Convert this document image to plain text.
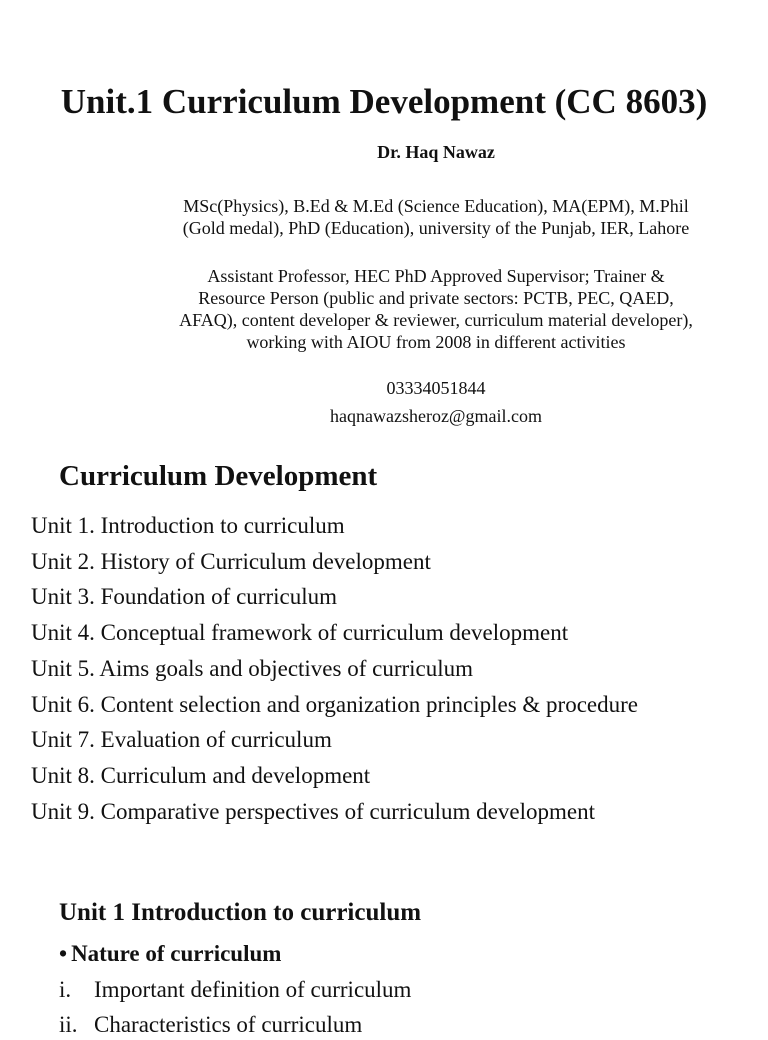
Unit.1 Curriculum Development (CC 8603)
Dr. Haq Nawaz
MSc(Physics), B.Ed & M.Ed (Science Education), MA(EPM), M.Phil (Gold medal), PhD (Education), university of the Punjab, IER, Lahore
Assistant Professor, HEC PhD Approved Supervisor; Trainer & Resource Person (public and private sectors: PCTB, PEC, QAED, AFAQ), content developer & reviewer, curriculum material developer), working with AIOU from 2008 in different activities
03334051844
haqnawazsheroz@gmail.com
Curriculum Development
Unit 1. Introduction to curriculum
Unit 2. History of Curriculum development
Unit 3. Foundation of curriculum
Unit 4. Conceptual framework of curriculum development
Unit 5. Aims goals and objectives of curriculum
Unit 6. Content selection and organization principles & procedure
Unit 7. Evaluation of curriculum
Unit 8. Curriculum and development
Unit 9. Comparative perspectives of curriculum development
Unit 1 Introduction to curriculum
• Nature of curriculum
i. Important definition of curriculum
ii. Characteristics of curriculum
